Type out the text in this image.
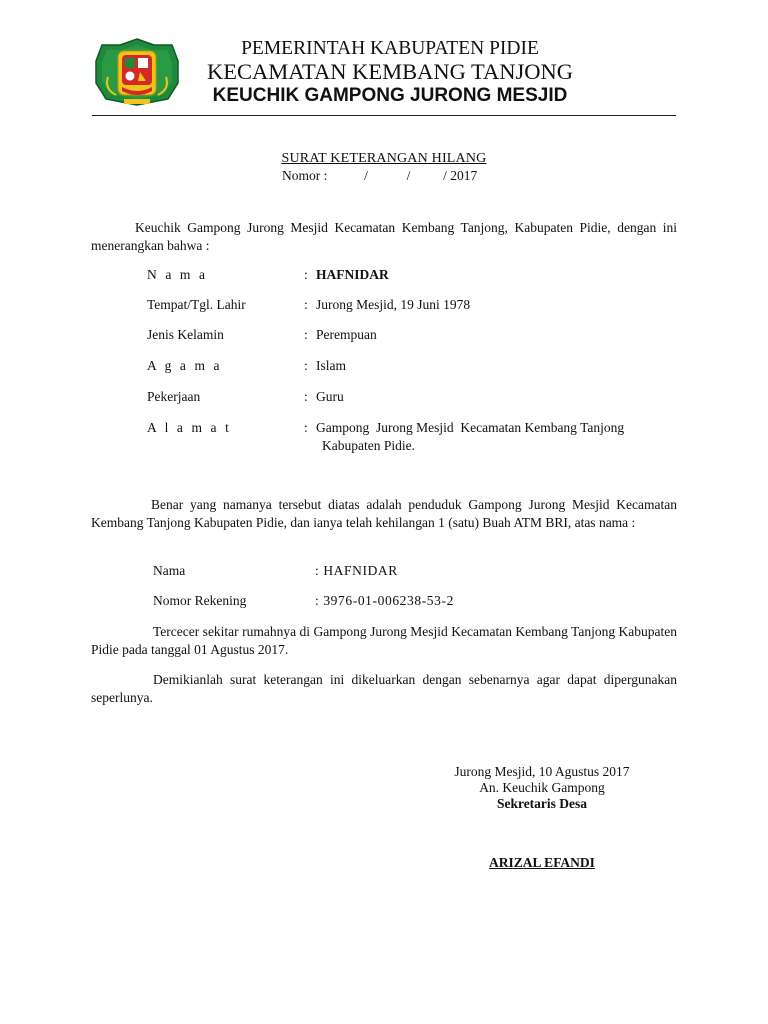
PEMERINTAH KABUPATEN PIDIE
KECAMATAN KEMBANG TANJONG
KEUCHIK GAMPONG JURONG MESJID
SURAT KETERANGAN HILANG
Nomor :	/	/ / 2017
Keuchik Gampong Jurong Mesjid Kecamatan Kembang Tanjong, Kabupaten Pidie, dengan ini menerangkan bahwa :
N a m a	: HAFNIDAR
Tempat/Tgl. Lahir	: Jurong Mesjid, 19 Juni 1978
Jenis Kelamin	: Perempuan
A g a m a	: Islam
Pekerjaan	: Guru
A l a m a t	: Gampong  Jurong Mesjid  Kecamatan Kembang Tanjong
Kabupaten Pidie.
Benar yang namanya tersebut diatas adalah penduduk Gampong Jurong Mesjid Kecamatan Kembang Tanjong Kabupaten Pidie, dan ianya telah kehilangan 1 (satu) Buah ATM BRI, atas nama :
Nama	: HAFNIDAR
Nomor Rekening	: 3976-01-006238-53-2
Tercecer sekitar rumahnya di Gampong Jurong Mesjid Kecamatan Kembang Tanjong Kabupaten Pidie pada tanggal 01 Agustus 2017.
Demikianlah surat keterangan ini dikeluarkan dengan sebenarnya agar dapat dipergunakan seperlunya.
Jurong Mesjid, 10 Agustus 2017
An. Keuchik Gampong
Sekretaris Desa
ARIZAL EFANDI
